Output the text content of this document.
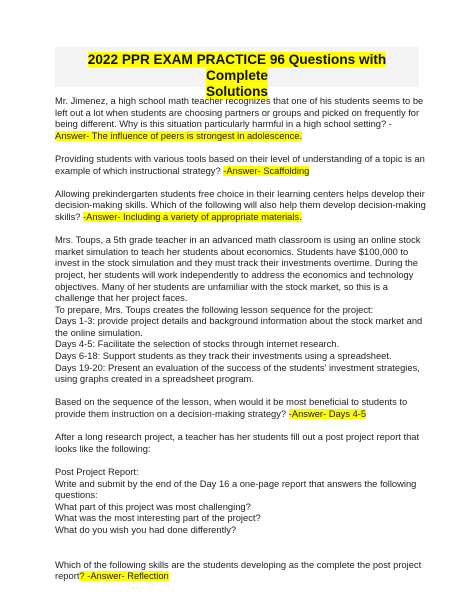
2022 PPR EXAM PRACTICE 96 Questions with Complete
Solutions

Mr. Jimenez, a high school math teacher recognizes that one of his students seems to be left out a lot when students are choosing partners or groups and picked on frequently for being different. Why is this situation particularly harmful in a high school setting? - Answer- The influence of peers is strongest in adolescence.

Providing students with various tools based on their level of understanding of a topic is an example of which instructional strategy? -Answer- Scaffolding

Allowing prekindergarten students free choice in their learning centers helps develop their decision-making skills. Which of the following will also help them develop decision-making skills? -Answer- Including a variety of appropriate materials.

Mrs. Toups, a 5th grade teacher in an advanced math classroom is using an online stock market simulation to teach her students about economics. Students have $100,000 to invest in the stock simulation and they must track their investments overtime. During the project, her students will work independently to address the economics and technology objectives. Many of her students are unfamiliar with the stock market, so this is a challenge that her project faces.

To prepare, Mrs. Toups creates the following lesson sequence for the project:

Days 1-3: provide project details and background information about the stock market and the online simulation.

Days 4-5: Facilitate the selection of stocks through internet research.

Days 6-18: Support students as they track their investments using a spreadsheet.

Days 19-20: Present an evaluation of the success of the students' investment strategies, using graphs created in a spreadsheet program.

Based on the sequence of the lesson, when would it be most beneficial to students to provide them instruction on a decision-making strategy? -Answer- Days 4-5

After a long research project, a teacher has her students fill out a post project report that looks like the following:

Post Project Report:

Write and submit by the end of the Day 16 a one-page report that answers the following questions:

What part of this project was most challenging?

What was the most interesting part of the project?

What do you wish you had done differently?

Which of the following skills are the students developing as the complete the post project report? -Answer- Reflection
